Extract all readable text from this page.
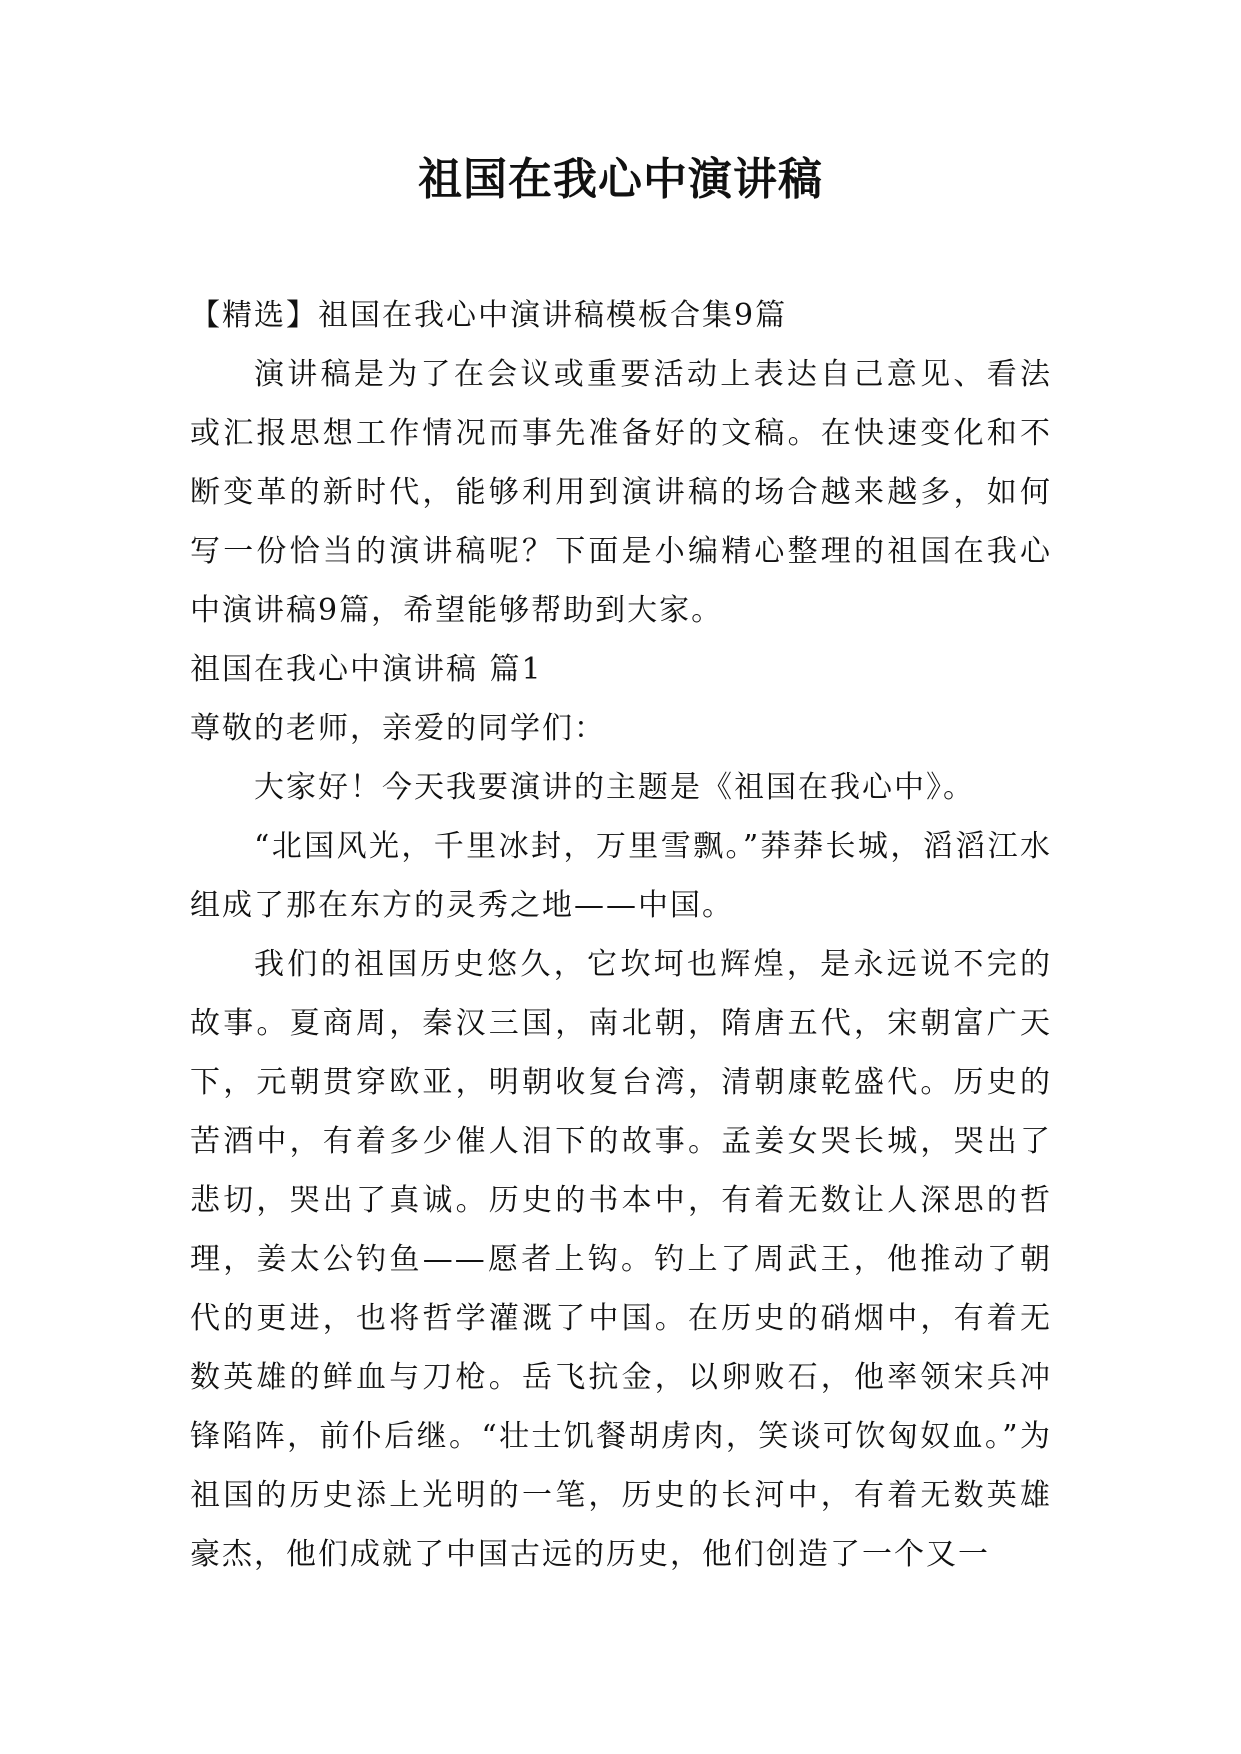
祖国在我心中演讲稿

【精选】祖国在我心中演讲稿模板合集9篇

演讲稿是为了在会议或重要活动上表达自己意见、看法或汇报思想工作情况而事先准备好的文稿。在快速变化和不断变革的新时代，能够利用到演讲稿的场合越来越多，如何写一份恰当的演讲稿呢？下面是小编精心整理的祖国在我心中演讲稿9篇，希望能够帮助到大家。

祖国在我心中演讲稿 篇1

尊敬的老师，亲爱的同学们：

大家好！今天我要演讲的主题是《祖国在我心中》。

“北国风光，千里冰封，万里雪飘。”莽莽长城，滔滔江水组成了那在东方的灵秀之地——中国。

我们的祖国历史悠久，它坎坷也辉煌，是永远说不完的故事。夏商周，秦汉三国，南北朝，隋唐五代，宋朝富广天下，元朝贯穿欧亚，明朝收复台湾，清朝康乾盛代。历史的苦酒中，有着多少催人泪下的故事。孟姜女哭长城，哭出了悲切，哭出了真诚。历史的书本中，有着无数让人深思的哲理，姜太公钓鱼——愿者上钩。钓上了周武王，他推动了朝代的更进，也将哲学灌溉了中国。在历史的硝烟中，有着无数英雄的鲜血与刀枪。岳飞抗金，以卵败石，他率领宋兵冲锋陷阵，前仆后继。“壮士饥餐胡虏肉，笑谈可饮匈奴血。”为祖国的历史添上光明的一笔，历史的长河中，有着无数英雄豪杰，他们成就了中国古远的历史，他们创造了一个又一
